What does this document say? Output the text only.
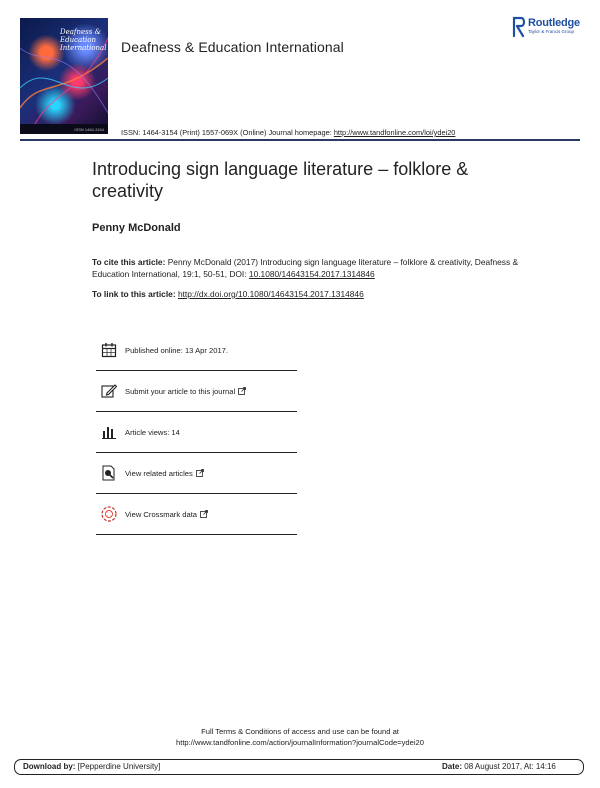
Deafness & Education International
ISSN 1464-3154
Deafness & Education International
ISSN: 1464-3154 (Print) 1557-069X (Online) Journal homepage: http://www.tandfonline.com/loi/ydei20
Routledge
Taylor & Francis Group
Introducing sign language literature – folklore & creativity
Penny McDonald
To cite this article: Penny McDonald (2017) Introducing sign language literature – folklore & creativity, Deafness & Education International, 19:1, 50-51, DOI: 10.1080/14643154.2017.1314846
To link to this article: http://dx.doi.org/10.1080/14643154.2017.1314846
Published online: 13 Apr 2017.
Submit your article to this journal
Article views: 14
View related articles
View Crossmark data
Full Terms & Conditions of access and use can be found at
http://www.tandfonline.com/action/journalInformation?journalCode=ydei20
Download by: [Pepperdine University]	Date: 08 August 2017, At: 14:16
